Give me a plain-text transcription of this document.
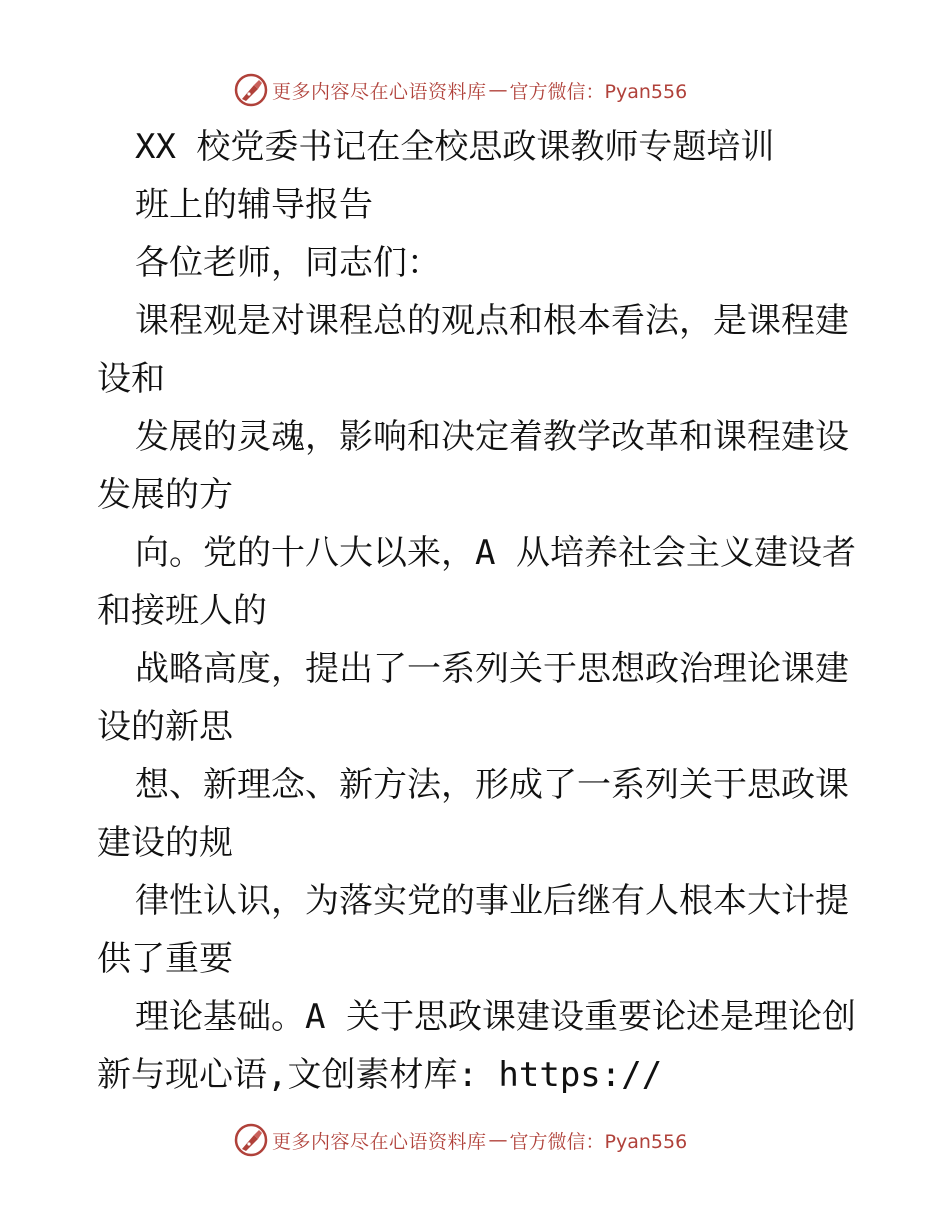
更多内容尽在心语资料库 — 官方微信：Pyan556
XX 校党委书记在全校思政课教师专题培训
班上的辅导报告
各位老师，同志们：
课程观是对课程总的观点和根本看法，是课程建
设和
发展的灵魂，影响和决定着教学改革和课程建设
发展的方
向。党的十八大以来，A 从培养社会主义建设者
和接班人的
战略高度，提出了一系列关于思想政治理论课建
设的新思
想、新理念、新方法，形成了一系列关于思政课
建设的规
律性认识，为落实党的事业后继有人根本大计提
供了重要
理论基础。A 关于思政课建设重要论述是理论创
新与现心语,文创素材库: https://
更多内容尽在心语资料库 — 官方微信：Pyan556
